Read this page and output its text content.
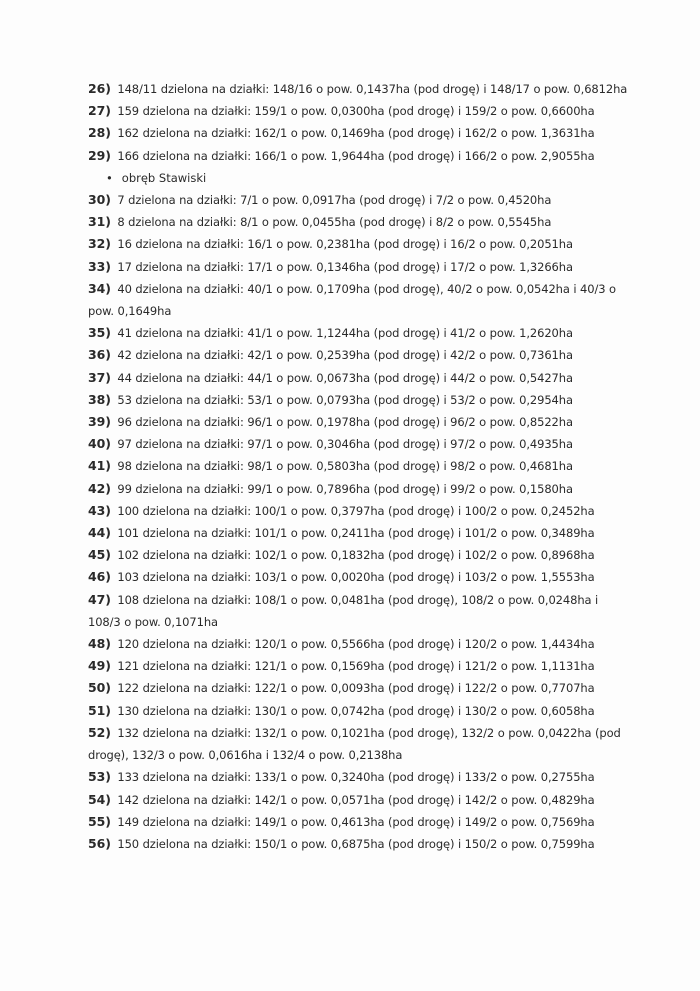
26) 148/11 dzielona na działki: 148/16 o pow. 0,1437ha (pod drogę) i 148/17 o pow. 0,6812ha

27) 159 dzielona na działki: 159/1 o pow. 0,0300ha (pod drogę) i 159/2 o pow. 0,6600ha

28) 162 dzielona na działki: 162/1 o pow. 0,1469ha (pod drogę) i 162/2 o pow. 1,3631ha

29) 166 dzielona na działki: 166/1 o pow. 1,9644ha (pod drogę) i 166/2 o pow. 2,9055ha

• obręb Stawiski

30) 7 dzielona na działki: 7/1 o pow. 0,0917ha (pod drogę) i 7/2 o pow. 0,4520ha

31) 8 dzielona na działki: 8/1 o pow. 0,0455ha (pod drogę) i 8/2 o pow. 0,5545ha

32) 16 dzielona na działki: 16/1 o pow. 0,2381ha (pod drogę) i 16/2 o pow. 0,2051ha

33) 17 dzielona na działki: 17/1 o pow. 0,1346ha (pod drogę) i 17/2 o pow. 1,3266ha

34) 40 dzielona na działki: 40/1 o pow. 0,1709ha (pod drogę), 40/2 o pow. 0,0542ha i 40/3 o pow. 0,1649ha

35) 41 dzielona na działki: 41/1 o pow. 1,1244ha (pod drogę) i 41/2 o pow. 1,2620ha

36) 42 dzielona na działki: 42/1 o pow. 0,2539ha (pod drogę) i 42/2 o pow. 0,7361ha

37) 44 dzielona na działki: 44/1 o pow. 0,0673ha (pod drogę) i 44/2 o pow. 0,5427ha

38) 53 dzielona na działki: 53/1 o pow. 0,0793ha (pod drogę) i 53/2 o pow. 0,2954ha

39) 96 dzielona na działki: 96/1 o pow. 0,1978ha (pod drogę) i 96/2 o pow. 0,8522ha

40) 97 dzielona na działki: 97/1 o pow. 0,3046ha (pod drogę) i 97/2 o pow. 0,4935ha

41) 98 dzielona na działki: 98/1 o pow. 0,5803ha (pod drogę) i 98/2 o pow. 0,4681ha

42) 99 dzielona na działki: 99/1 o pow. 0,7896ha (pod drogę) i 99/2 o pow. 0,1580ha

43) 100 dzielona na działki: 100/1 o pow. 0,3797ha (pod drogę) i 100/2 o pow. 0,2452ha

44) 101 dzielona na działki: 101/1 o pow. 0,2411ha (pod drogę) i 101/2 o pow. 0,3489ha

45) 102 dzielona na działki: 102/1 o pow. 0,1832ha (pod drogę) i 102/2 o pow. 0,8968ha

46) 103 dzielona na działki: 103/1 o pow. 0,0020ha (pod drogę) i 103/2 o pow. 1,5553ha

47) 108 dzielona na działki: 108/1 o pow. 0,0481ha (pod drogę), 108/2 o pow. 0,0248ha i 108/3 o pow. 0,1071ha

48) 120 dzielona na działki: 120/1 o pow. 0,5566ha (pod drogę) i 120/2 o pow. 1,4434ha

49) 121 dzielona na działki: 121/1 o pow. 0,1569ha (pod drogę) i 121/2 o pow. 1,1131ha

50) 122 dzielona na działki: 122/1 o pow. 0,0093ha (pod drogę) i 122/2 o pow. 0,7707ha

51) 130 dzielona na działki: 130/1 o pow. 0,0742ha (pod drogę) i 130/2 o pow. 0,6058ha

52) 132 dzielona na działki: 132/1 o pow. 0,1021ha (pod drogę), 132/2 o pow. 0,0422ha (pod drogę), 132/3 o pow. 0,0616ha i 132/4 o pow. 0,2138ha

53) 133 dzielona na działki: 133/1 o pow. 0,3240ha (pod drogę) i 133/2 o pow. 0,2755ha

54) 142 dzielona na działki: 142/1 o pow. 0,0571ha (pod drogę) i 142/2 o pow. 0,4829ha

55) 149 dzielona na działki: 149/1 o pow. 0,4613ha (pod drogę) i 149/2 o pow. 0,7569ha

56) 150 dzielona na działki: 150/1 o pow. 0,6875ha (pod drogę) i 150/2 o pow. 0,7599ha
